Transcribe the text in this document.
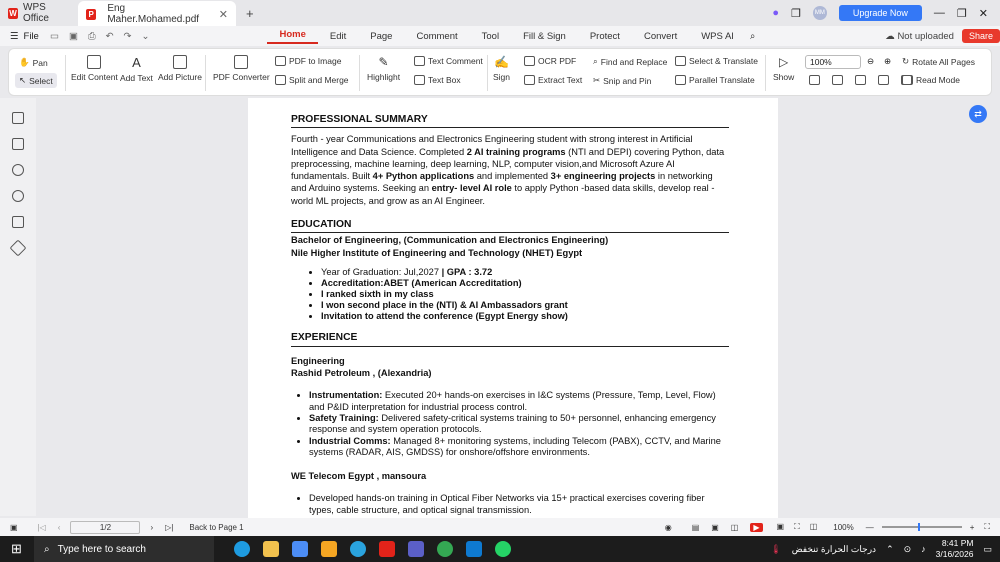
W WPS Office	P Eng Maher.Mohamed.pdf	✕ +	● ❐	MM	Upgrade Now	— ❐ ✕
☰ File ▭ ▣ ⎙ ↶ ↷ ⌄	Home	Edit	Page	Comment	Tool	Fill & Sign	Protect	Convert	WPS AI	⌕	☁ Not uploaded	Share
✋ Pan
↖ Select Edit Content
A
Add Text Add Picture PDF Converter
PDF to Image
Split and Merge
✎
Highlight
Text Comment
Text Box
✍
Sign
OCR PDF
Extract Text
⌕ Find and Replace
✂ Snip and Pin
Select & Translate
Parallel Translate
▷
Show
100%	⊖ ⊕ ↻ Rotate All Pages
Read Mode
PROFESSIONAL SUMMARY
Fourth - year Communications and Electronics Engineering student with strong interest in Artificial Intelligence and Data Science. Completed 2 AI training programs (NTI and DEPI) covering Python, data preprocessing, machine learning, deep learning, NLP, computer vision,and Microsoft Azure AI fundamentals. Built 4+ Python applications and implemented 3+ engineering projects in networking and Arduino systems. Seeking an entry- level AI role to apply Python -based data skills, develop real -world ML projects, and grow as an AI Engineer.
EDUCATION
Bachelor of Engineering, (Communication and Electronics Engineering)
Nile Higher Institute of Engineering and Technology (NHET) Egypt
• Year of Graduation: Jul,2027 | GPA : 3.72
• Accreditation:ABET (American Accreditation)
• I ranked sixth in my class
• I won second place in the (NTI) & AI Ambassadors grant
• Invitation to attend the conference (Egypt Energy show)
EXPERIENCE
Engineering
Rashid Petroleum , (Alexandria)
• Instrumentation: Executed 20+ hands-on exercises in I&C systems (Pressure, Temp, Level, Flow) and P&ID interpretation for industrial process control.
• Safety Training: Delivered safety-critical systems training to 50+ personnel, enhancing emergency response and system operation protocols.
• Industrial Comms: Managed 8+ monitoring systems, including Telecom (PABX), CCTV, and Marine systems (RADAR, AIS, GMDSS) for onshore/offshore environments.
WE Telecom Egypt , mansoura
• Developed hands-on training in Optical Fiber Networks via 15+ practical exercises covering fiber types, cable structure, and optical signal transmission.
⇄
▣	|◁ ‹	1/2	› ▷| Back to Page 1	◉	▤▣◫ ▶	▣⛶◫ 100% —	+ ⛶
⊞ ⌕ Type here to search	🌡 درجات الحرارة تنخفض ⌃ ⊙ ♪
8:41 PM
3/16/2026
▭
